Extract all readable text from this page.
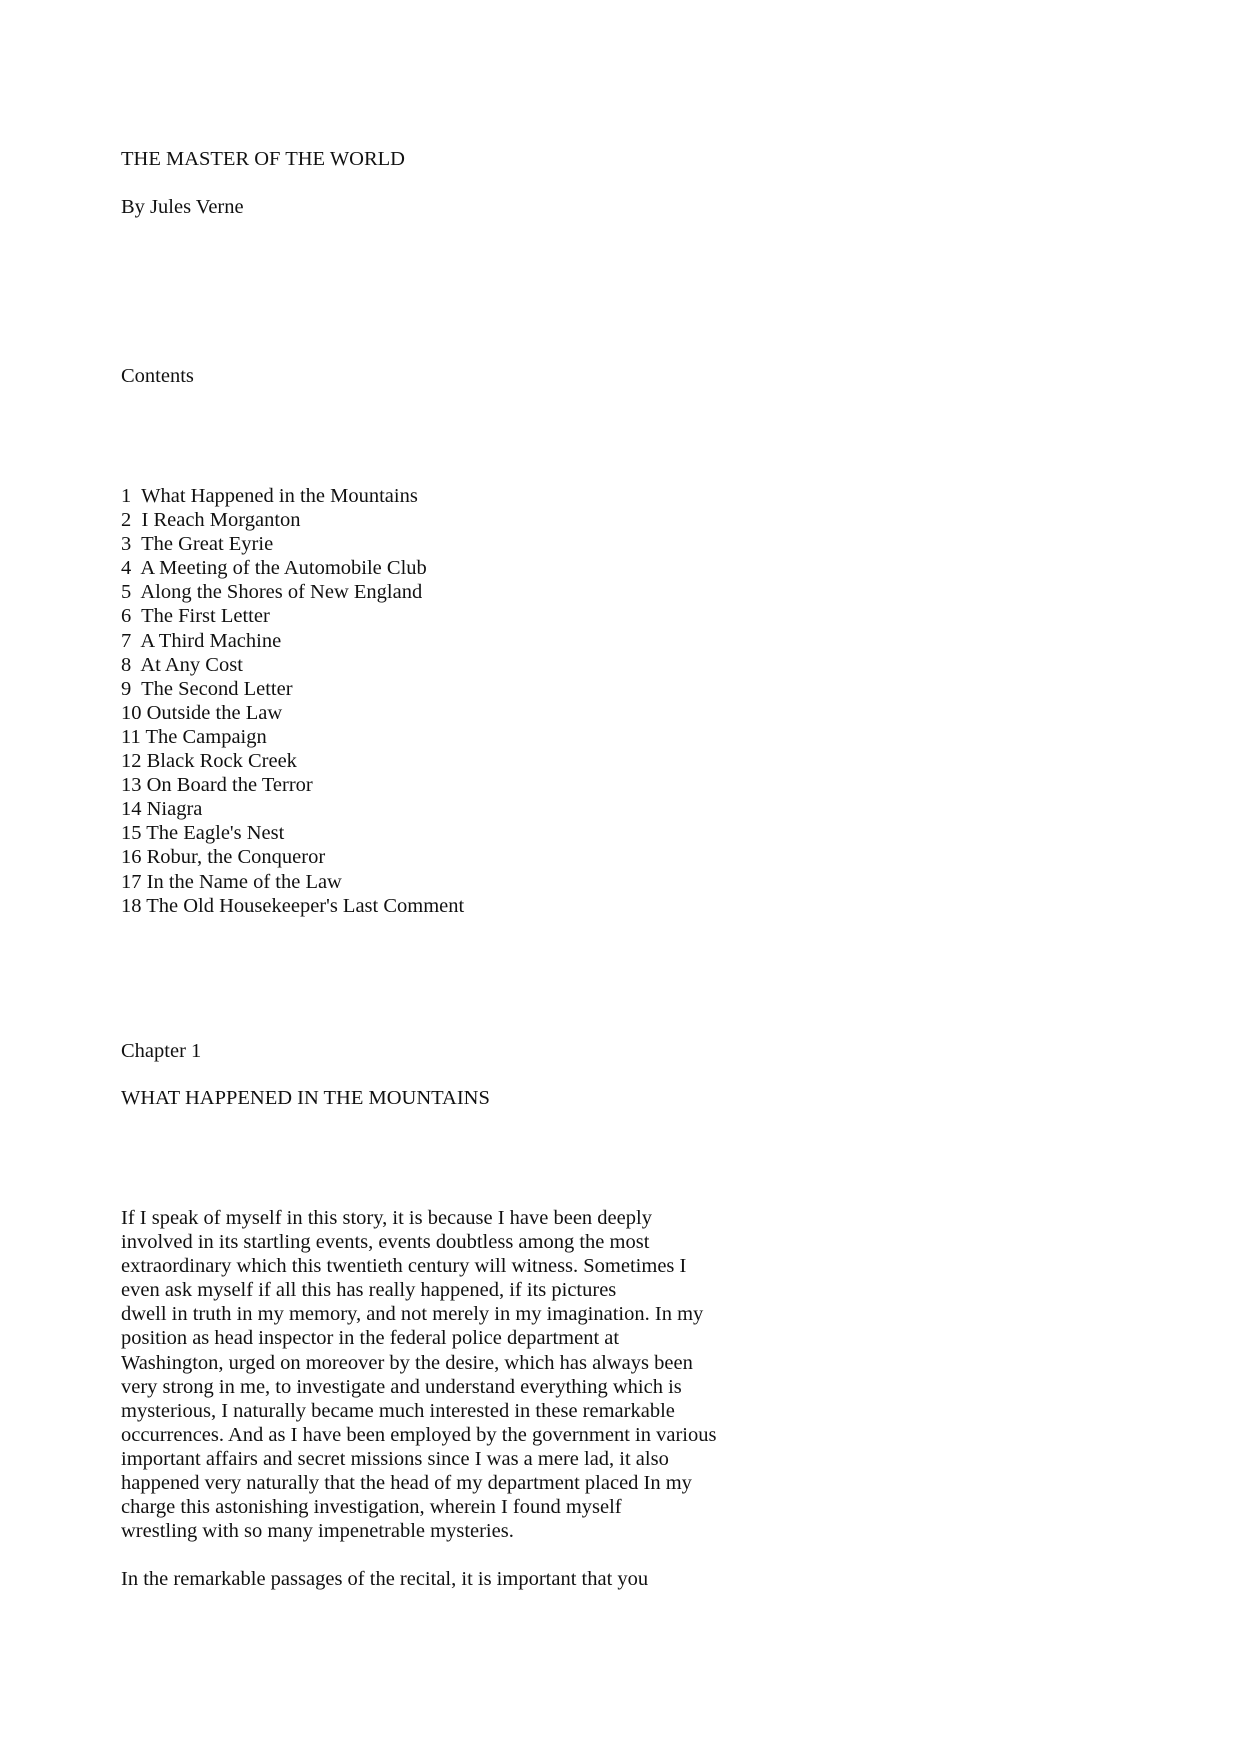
THE MASTER OF THE WORLD

By Jules Verne

Contents

1  What Happened in the Mountains
2  I Reach Morganton
3  The Great Eyrie
4  A Meeting of the Automobile Club
5  Along the Shores of New England
6  The First Letter
7  A Third Machine
8  At Any Cost
9  The Second Letter
10 Outside the Law
11 The Campaign
12 Black Rock Creek
13 On Board the Terror
14 Niagra
15 The Eagle's Nest
16 Robur, the Conqueror
17 In the Name of the Law
18 The Old Housekeeper's Last Comment

Chapter 1

WHAT HAPPENED IN THE MOUNTAINS

If I speak of myself in this story, it is because I have been deeply
involved in its startling events, events doubtless among the most
extraordinary which this twentieth century will witness. Sometimes I
even ask myself if all this has really happened, if its pictures
dwell in truth in my memory, and not merely in my imagination. In my
position as head inspector in the federal police department at
Washington, urged on moreover by the desire, which has always been
very strong in me, to investigate and understand everything which is
mysterious, I naturally became much interested in these remarkable
occurrences. And as I have been employed by the government in various
important affairs and secret missions since I was a mere lad, it also
happened very naturally that the head of my department placed In my
charge this astonishing investigation, wherein I found myself
wrestling with so many impenetrable mysteries.
In the remarkable passages of the recital, it is important that you
